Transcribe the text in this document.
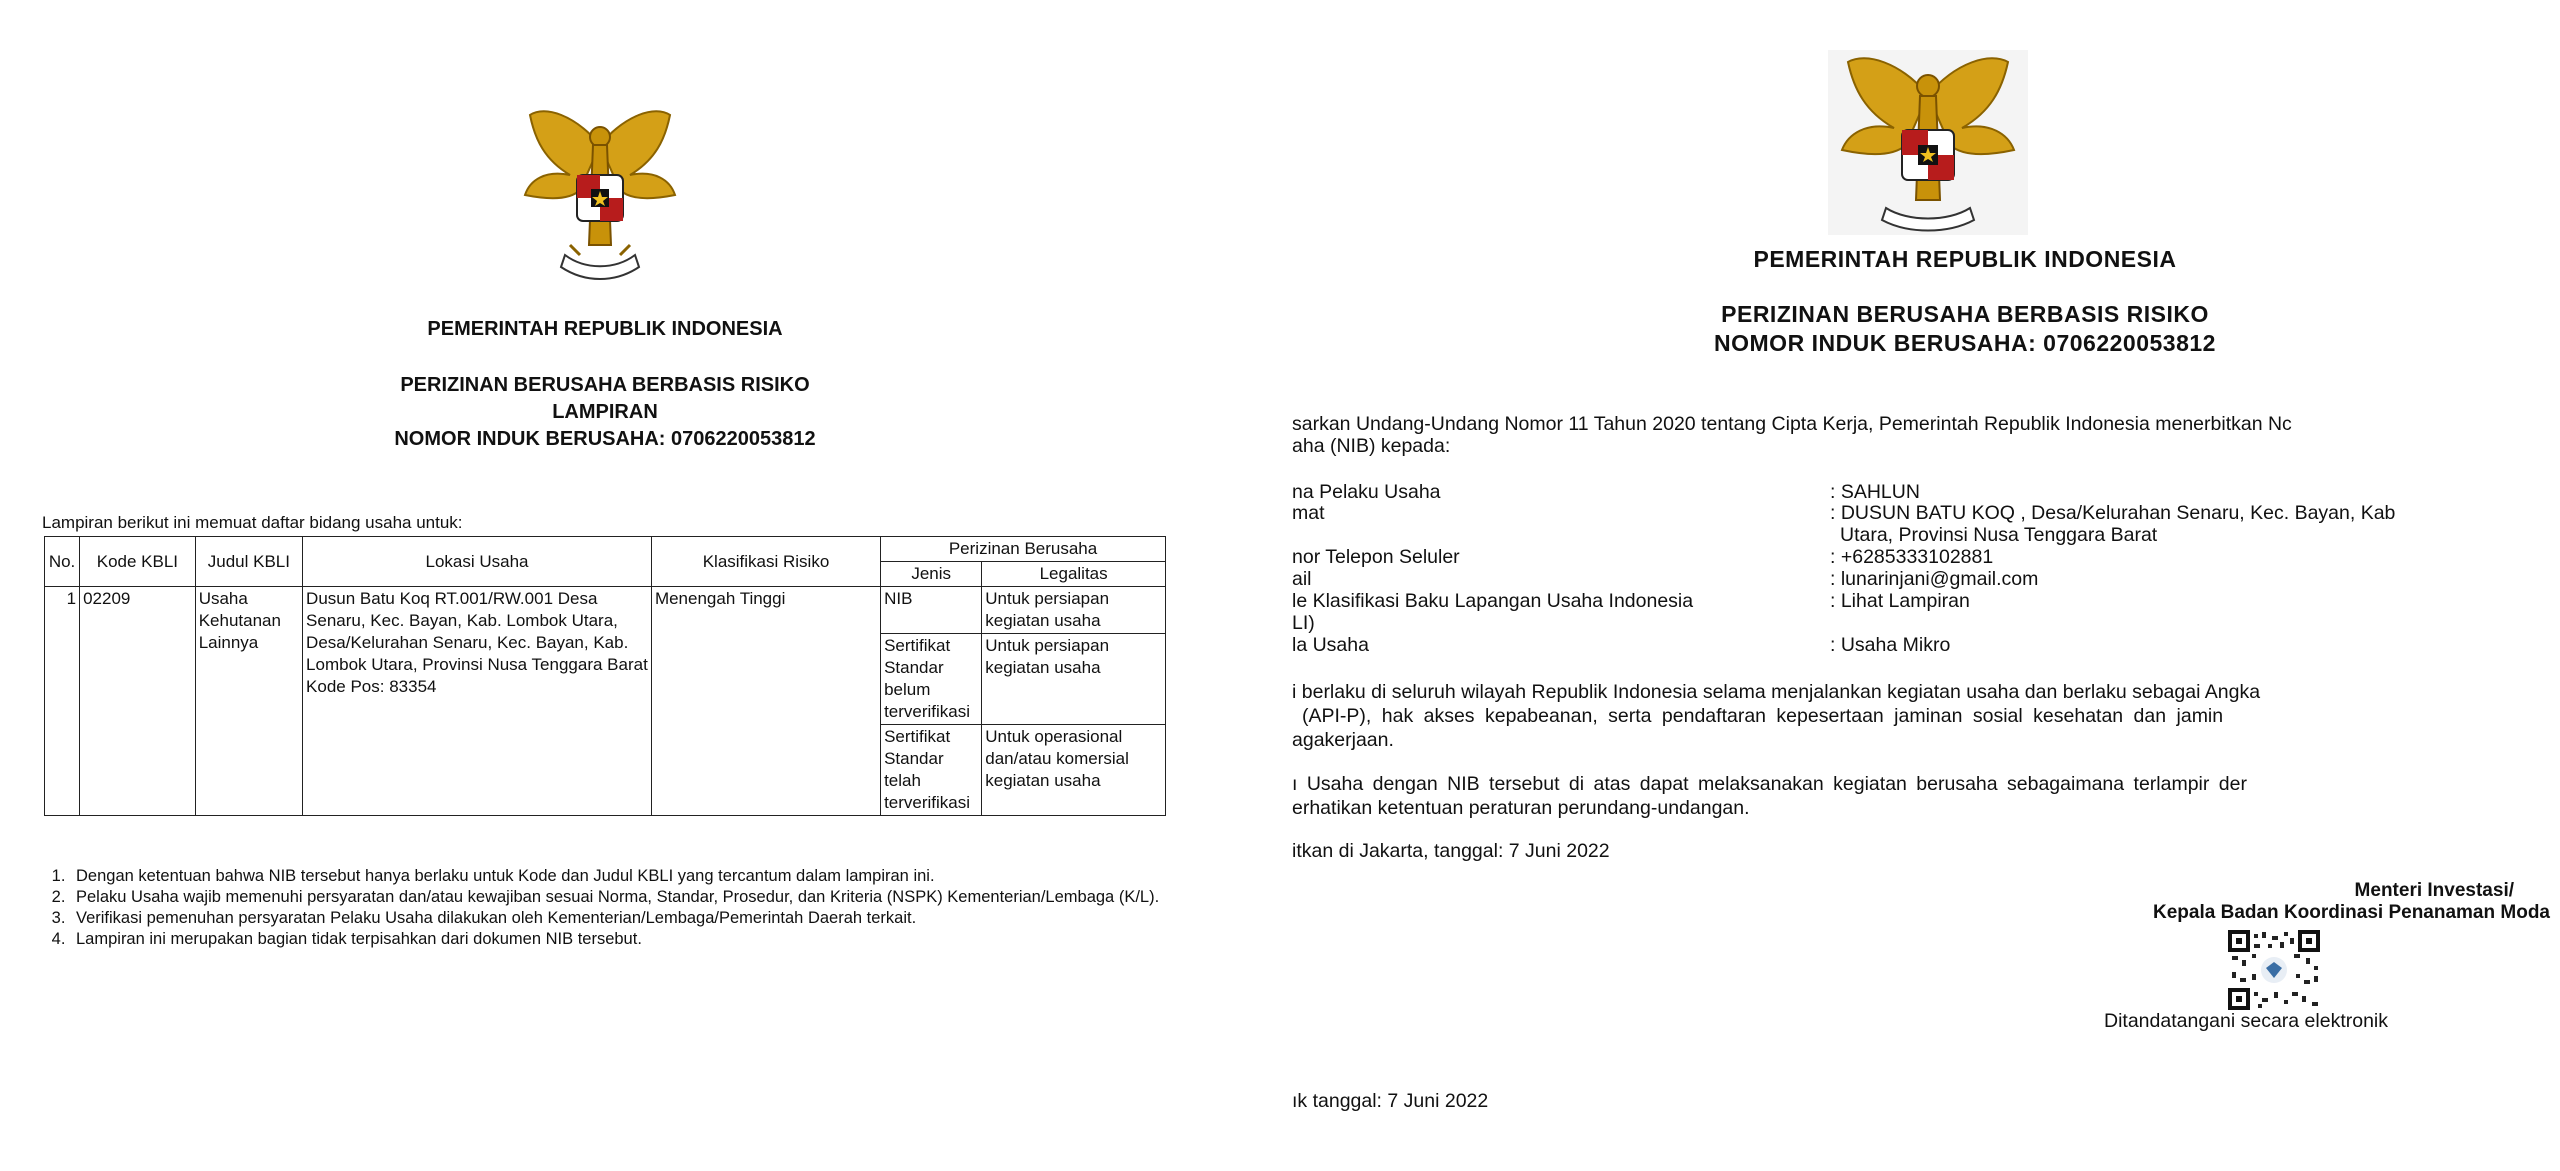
PEMERINTAH REPUBLIK INDONESIA
PERIZINAN BERUSAHA BERBASIS RISIKO
LAMPIRAN
NOMOR INDUK BERUSAHA: 0706220053812
Lampiran berikut ini memuat daftar bidang usaha untuk:
No.	Kode KBLI	Judul KBLI	Lokasi Usaha	Klasifikasi Risiko	Perizinan Berusaha	
					Jenis	Legalitas
1	02209	Usaha Kehutanan Lainnya	Dusun Batu Koq RT.001/RW.001 Desa Senaru, Kec. Bayan, Kab. Lombok Utara, Desa/Kelurahan Senaru, Kec. Bayan, Kab. Lombok Utara, Provinsi Nusa Tenggara Barat Kode Pos: 83354	Menengah Tinggi	NIB	Untuk persiapan kegiatan usaha
					Sertifikat Standar belum terverifikasi	Untuk persiapan kegiatan usaha
					Sertifikat Standar telah terverifikasi	Untuk operasional dan/atau komersial kegiatan usaha
1. Dengan ketentuan bahwa NIB tersebut hanya berlaku untuk Kode dan Judul KBLI yang tercantum dalam lampiran ini.
2. Pelaku Usaha wajib memenuhi persyaratan dan/atau kewajiban sesuai Norma, Standar, Prosedur, dan Kriteria (NSPK) Kementerian/Lembaga (K/L).
3. Verifikasi pemenuhan persyaratan Pelaku Usaha dilakukan oleh Kementerian/Lembaga/Pemerintah Daerah terkait.
4. Lampiran ini merupakan bagian tidak terpisahkan dari dokumen NIB tersebut.
PEMERINTAH REPUBLIK INDONESIA
PERIZINAN BERUSAHA BERBASIS RISIKO
NOMOR INDUK BERUSAHA: 0706220053812
sarkan Undang-Undang Nomor 11 Tahun 2020 tentang Cipta Kerja, Pemerintah Republik Indonesia menerbitkan Nc
aha (NIB) kepada:
na Pelaku Usaha	: SAHLUN
mat	: DUSUN BATU KOQ , Desa/Kelurahan Senaru, Kec. Bayan, Kab
Utara, Provinsi Nusa Tenggara Barat
nor Telepon Seluler	: +6285333102881
ail	: lunarinjani@gmail.com
le Klasifikasi Baku Lapangan Usaha Indonesia	: Lihat Lampiran
LI)
la Usaha	: Usaha Mikro
i berlaku di seluruh wilayah Republik Indonesia selama menjalankan kegiatan usaha dan berlaku sebagai Angka
(API-P), hak akses kepabeanan, serta pendaftaran kepesertaan jaminan sosial kesehatan dan jamin
agakerjaan.
ı Usaha dengan NIB tersebut di atas dapat melaksanakan kegiatan berusaha sebagaimana terlampir der
erhatikan ketentuan peraturan perundang-undangan.
itkan di Jakarta, tanggal: 7 Juni 2022
Menteri Investasi/
Kepala Badan Koordinasi Penanaman Moda
Ditandatangani secara elektronik
ık tanggal: 7 Juni 2022
